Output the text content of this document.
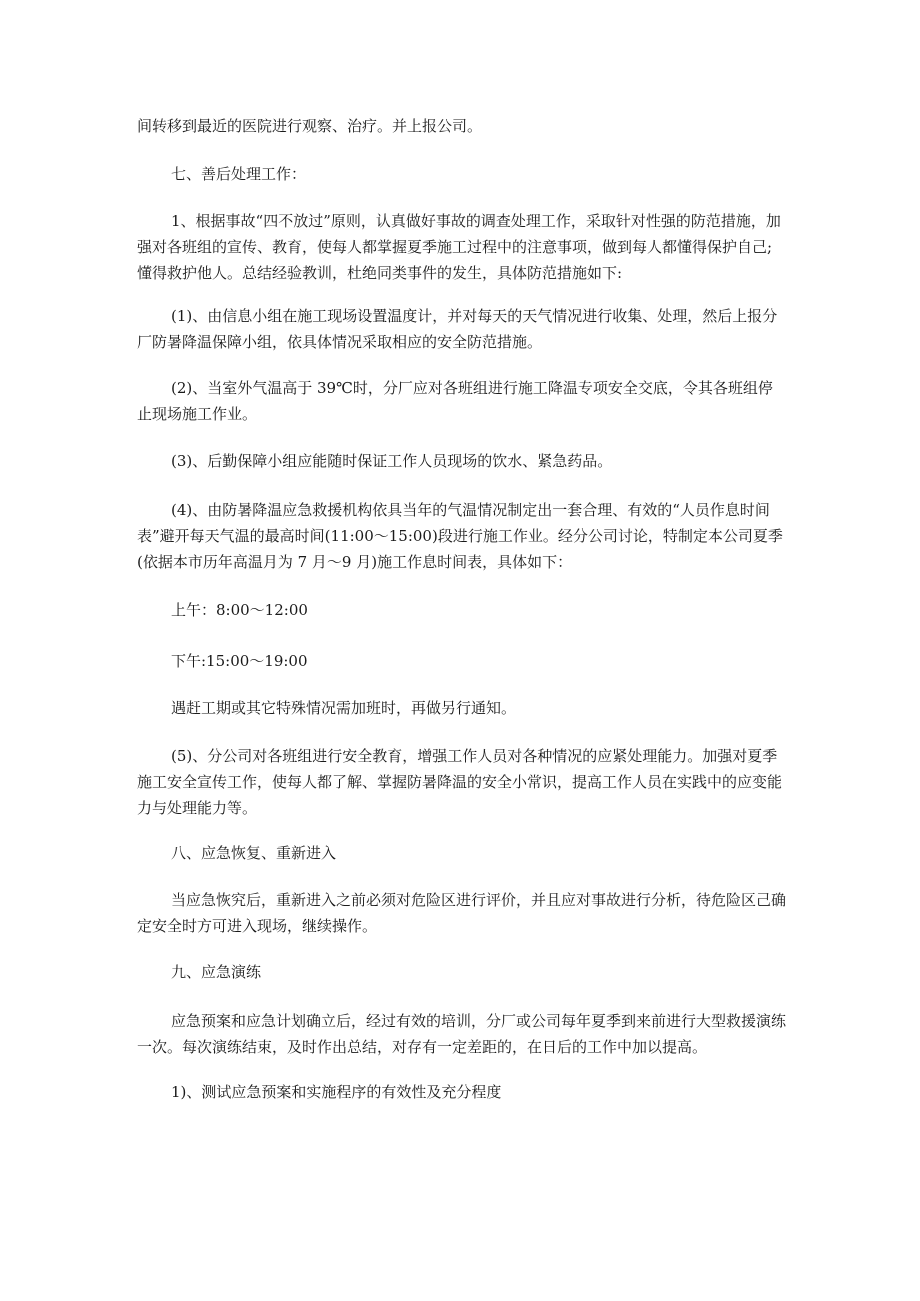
间转移到最近的医院进行观察、治疗。并上报公司。

七、善后处理工作：

1、根据事故“四不放过”原则，认真做好事故的调查处理工作，采取针对性强的防范措施，加强对各班组的宣传、教育，使每人都掌握夏季施工过程中的注意事项，做到每人都懂得保护自己;懂得救护他人。总结经验教训，杜绝同类事件的发生，具体防范措施如下:

(1)、由信息小组在施工现场设置温度计，并对每天的天气情况进行收集、处理，然后上报分厂防暑降温保障小组，依具体情况采取相应的安全防范措施。

(2)、当室外气温高于 39℃时，分厂应对各班组进行施工降温专项安全交底，令其各班组停止现场施工作业。

(3)、后勤保障小组应能随时保证工作人员现场的饮水、紧急药品。

(4)、由防暑降温应急救援机构依具当年的气温情况制定出一套合理、有效的“人员作息时间表”避开每天气温的最高时间(11:00～15:00)段进行施工作业。经分公司讨论，特制定本公司夏季(依据本市历年高温月为 7 月～9 月)施工作息时间表，具体如下：

上午：8:00～12:00

下午:15:00～19:00

遇赶工期或其它特殊情况需加班时，再做另行通知。

(5)、分公司对各班组进行安全教育，增强工作人员对各种情况的应紧处理能力。加强对夏季施工安全宣传工作，使每人都了解、掌握防暑降温的安全小常识，提高工作人员在实践中的应变能力与处理能力等。

八、应急恢复、重新进入

当应急恢究后，重新进入之前必须对危险区进行评价，并且应对事故进行分析，待危险区己确定安全时方可进入现场，继续操作。

九、应急演练

应急预案和应急计划确立后，经过有效的培训，分厂或公司每年夏季到来前进行大型救援演练一次。每次演练结束，及时作出总结，对存有一定差距的，在日后的工作中加以提高。

1)、测试应急预案和实施程序的有效性及充分程度
